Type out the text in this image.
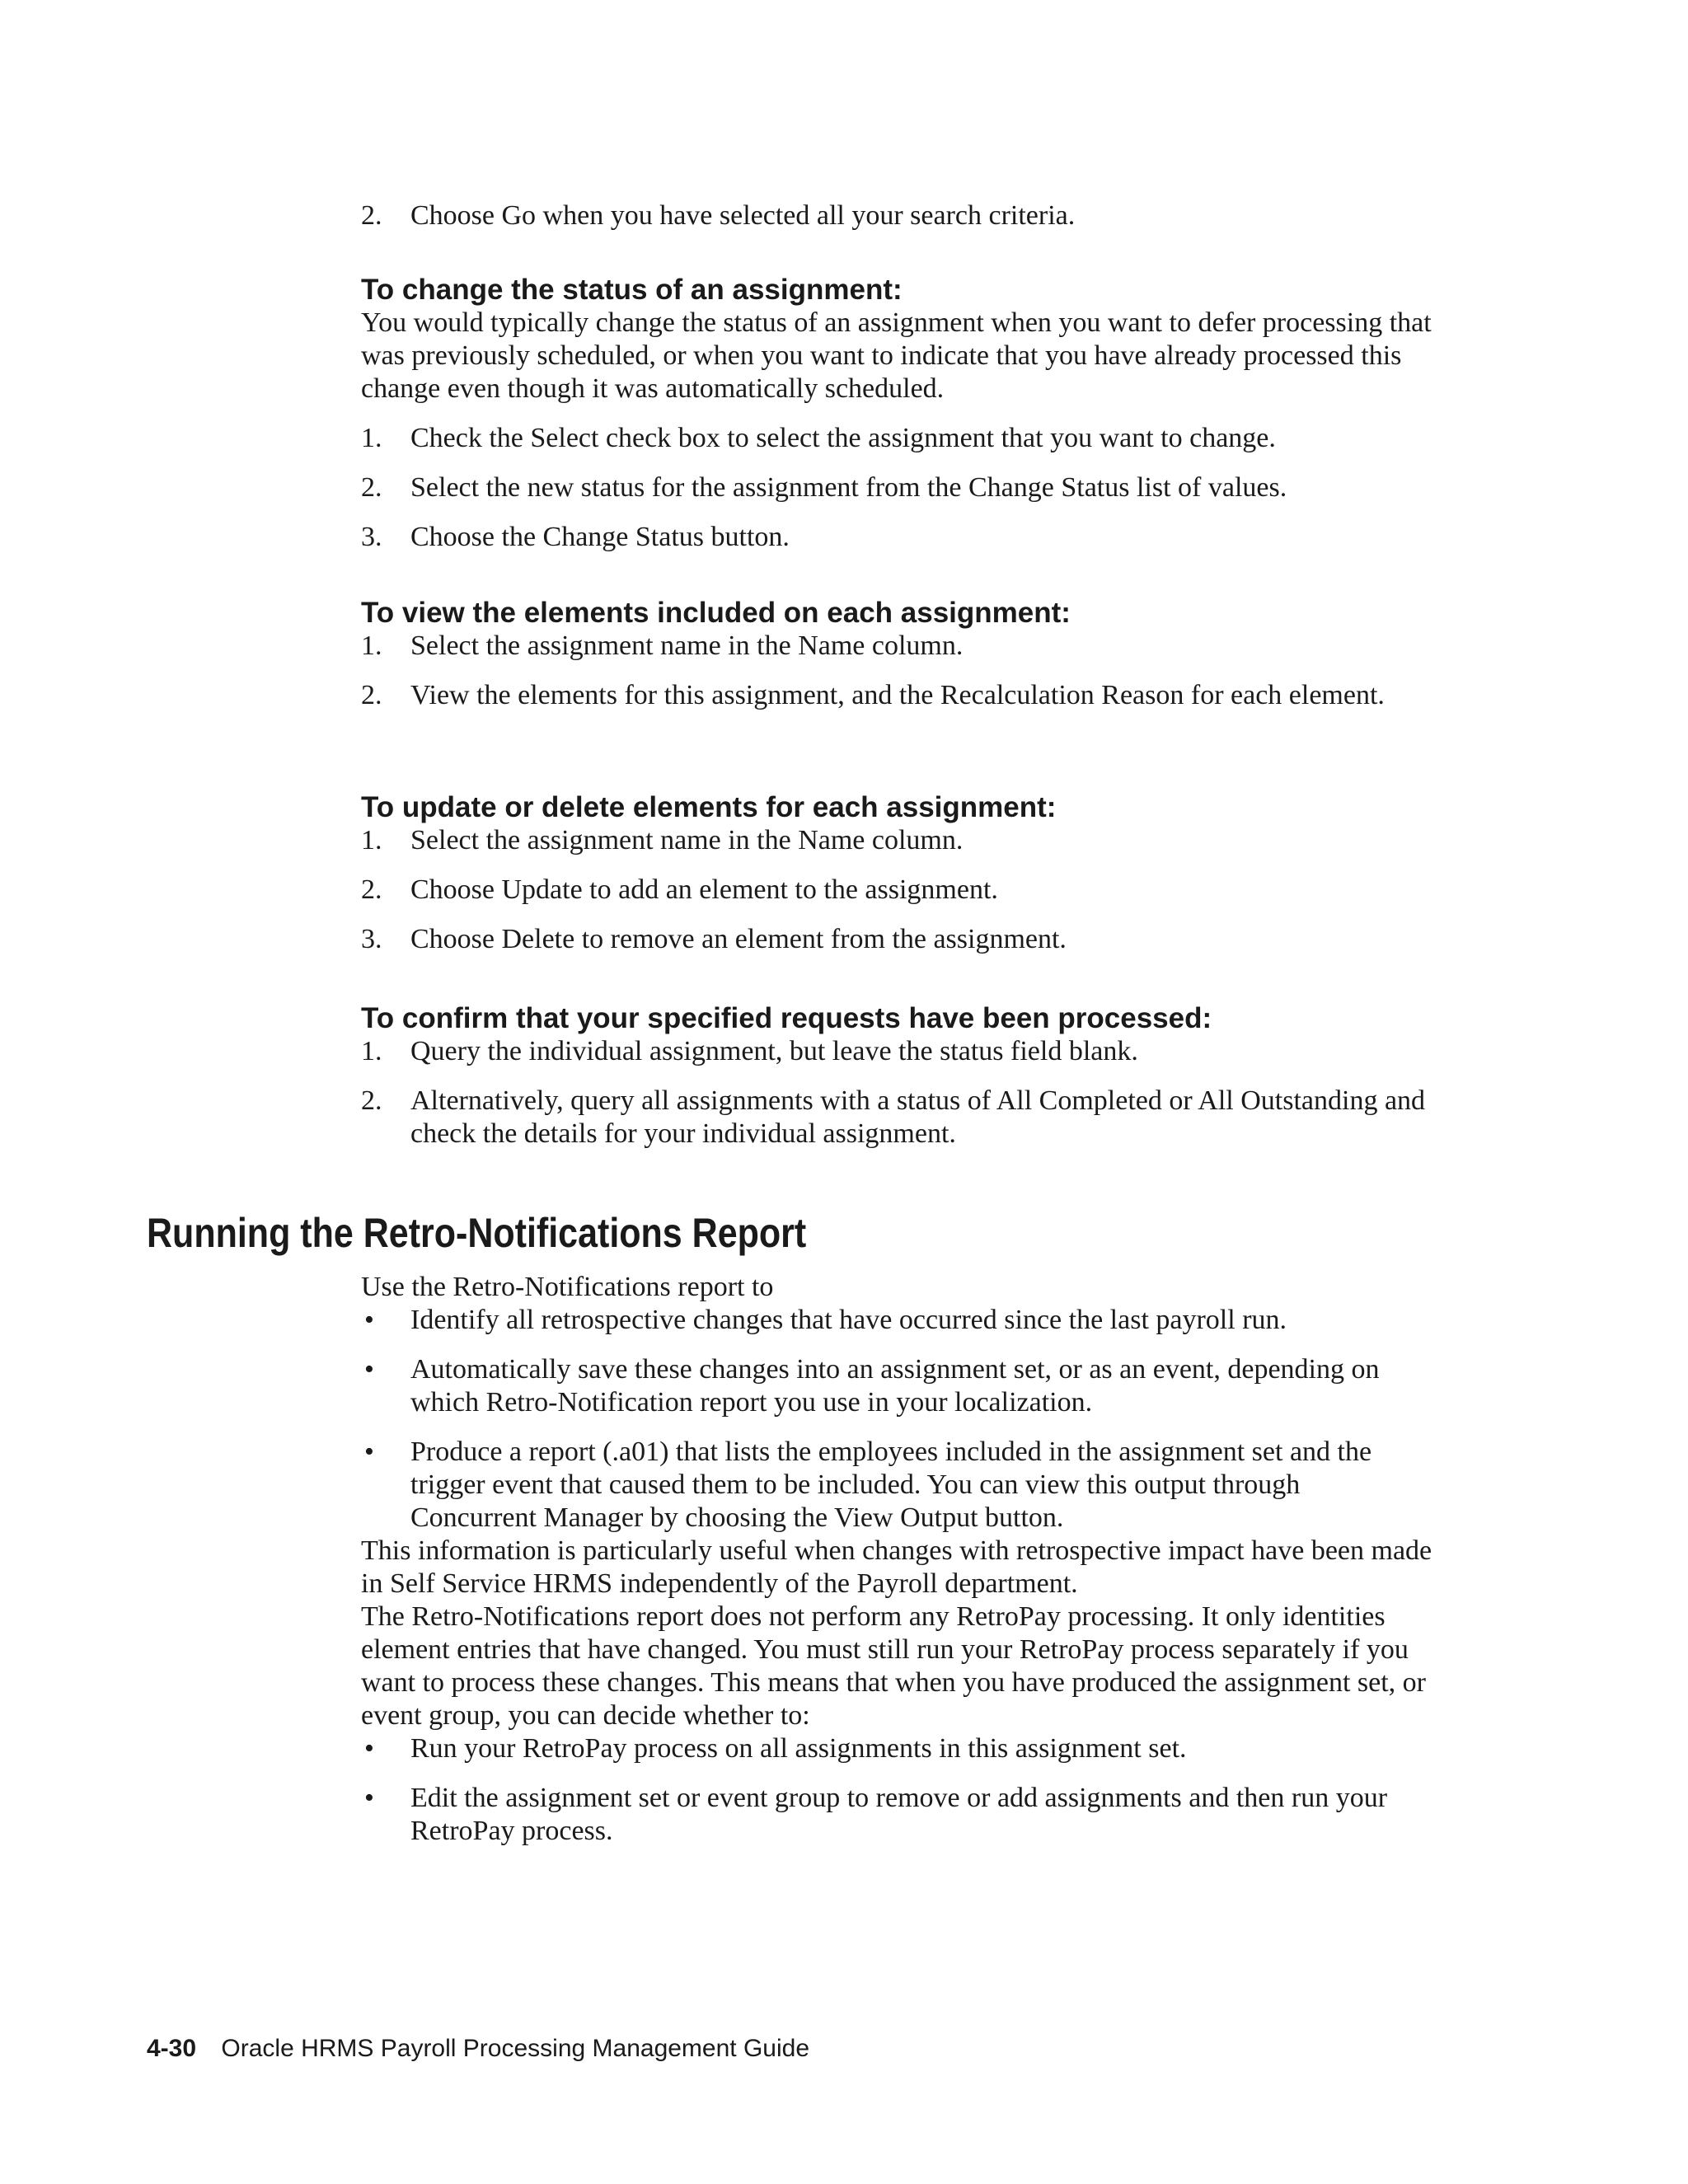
2. Choose Go when you have selected all your search criteria.
To change the status of an assignment:

You would typically change the status of an assignment when you want to defer processing that was previously scheduled, or when you want to indicate that you have already processed this change even though it was automatically scheduled.

1. Check the Select check box to select the assignment that you want to change.
2. Select the new status for the assignment from the Change Status list of values.
3. Choose the Change Status button.
To view the elements included on each assignment:
1. Select the assignment name in the Name column.
2. View the elements for this assignment, and the Recalculation Reason for each element.
To update or delete elements for each assignment:
1. Select the assignment name in the Name column.
2. Choose Update to add an element to the assignment.
3. Choose Delete to remove an element from the assignment.
To confirm that your specified requests have been processed:
1. Query the individual assignment, but leave the status field blank.
2. Alternatively, query all assignments with a status of All Completed or All Outstanding and check the details for your individual assignment.
Running the Retro-Notifications Report

Use the Retro-Notifications report to

• Identify all retrospective changes that have occurred since the last payroll run.
• Automatically save these changes into an assignment set, or as an event, depending on which Retro-Notification report you use in your localization.
• Produce a report (.a01) that lists the employees included in the assignment set and the trigger event that caused them to be included. You can view this output through Concurrent Manager by choosing the View Output button.

This information is particularly useful when changes with retrospective impact have been made in Self Service HRMS independently of the Payroll department.

The Retro-Notifications report does not perform any RetroPay processing. It only identities element entries that have changed. You must still run your RetroPay process separately if you want to process these changes. This means that when you have produced the assignment set, or event group, you can decide whether to:

• Run your RetroPay process on all assignments in this assignment set.
• Edit the assignment set or event group to remove or add assignments and then run your RetroPay process.
4-30 Oracle HRMS Payroll Processing Management Guide
